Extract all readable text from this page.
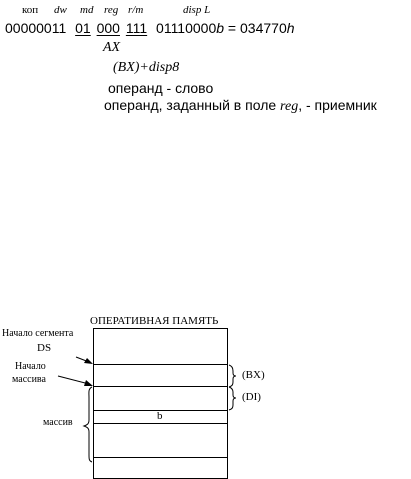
коп dw md reg r/m	disp L
00000011 01 000 111 01110000b = 034770h
AX
(BX)+disp8
операнд - слово
операнд, заданный в поле reg, - приемник
ОПЕРАТИВНАЯ ПАМЯТЬ
Начало сегмента
DS
Начало
массива
массив
b
(BX)
(DI)
